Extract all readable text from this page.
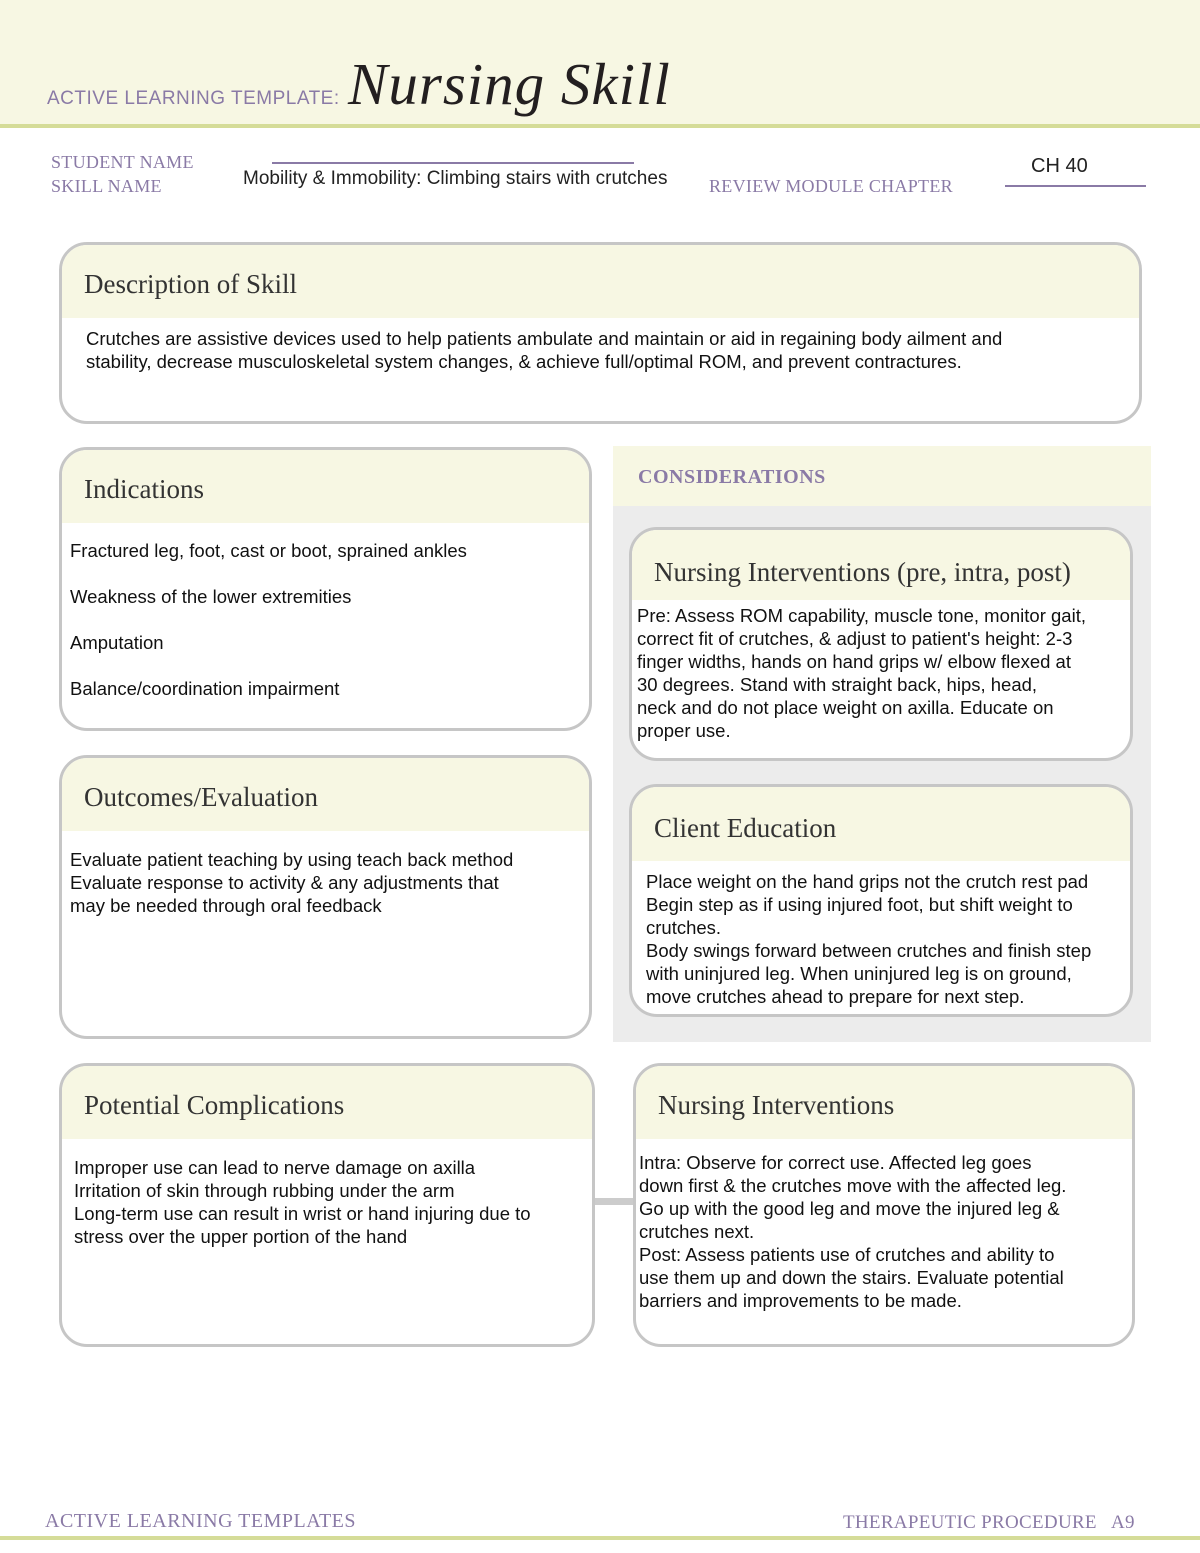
ACTIVE LEARNING TEMPLATE: Nursing Skill
STUDENT NAME
SKILL NAME	Mobility & Immobility: Climbing stairs with crutches REVIEW MODULE CHAPTER
CH 40
Description of Skill
Crutches are assistive devices used to help patients ambulate and maintain or aid in regaining body ailment and
stability, decrease musculoskeletal system changes, & achieve full/optimal ROM, and prevent contractures.
Indications

Fractured leg, foot, cast or boot, sprained ankles

Weakness of the lower extremities

Amputation

Balance/coordination impairment

Outcomes/Evaluation
Evaluate patient teaching by using teach back method
Evaluate response to activity & any adjustments that
may be needed through oral feedback
CONSIDERATIONS
Nursing Interventions (pre, intra, post)
Pre: Assess ROM capability, muscle tone, monitor gait,
correct fit of crutches, & adjust to patient's height: 2-3
finger widths, hands on hand grips w/ elbow flexed at
30 degrees. Stand with straight back, hips, head,
neck and do not place weight on axilla. Educate on
proper use.
Client Education
Place weight on the hand grips not the crutch rest pad
Begin step as if using injured foot, but shift weight to
crutches.
Body swings forward between crutches and finish step
with uninjured leg. When uninjured leg is on ground,
move crutches ahead to prepare for next step.
Potential Complications
Improper use can lead to nerve damage on axilla
Irritation of skin through rubbing under the arm
Long-term use can result in wrist or hand injuring due to
stress over the upper portion of the hand
Nursing Interventions
Intra: Observe for correct use. Affected leg goes
down first & the crutches move with the affected leg.
Go up with the good leg and move the injured leg &
crutches next.
Post: Assess patients use of crutches and ability to
use them up and down the stairs. Evaluate potential
barriers and improvements to be made.
ACTIVE LEARNING TEMPLATES	THERAPEUTIC PROCEDURE   A9
